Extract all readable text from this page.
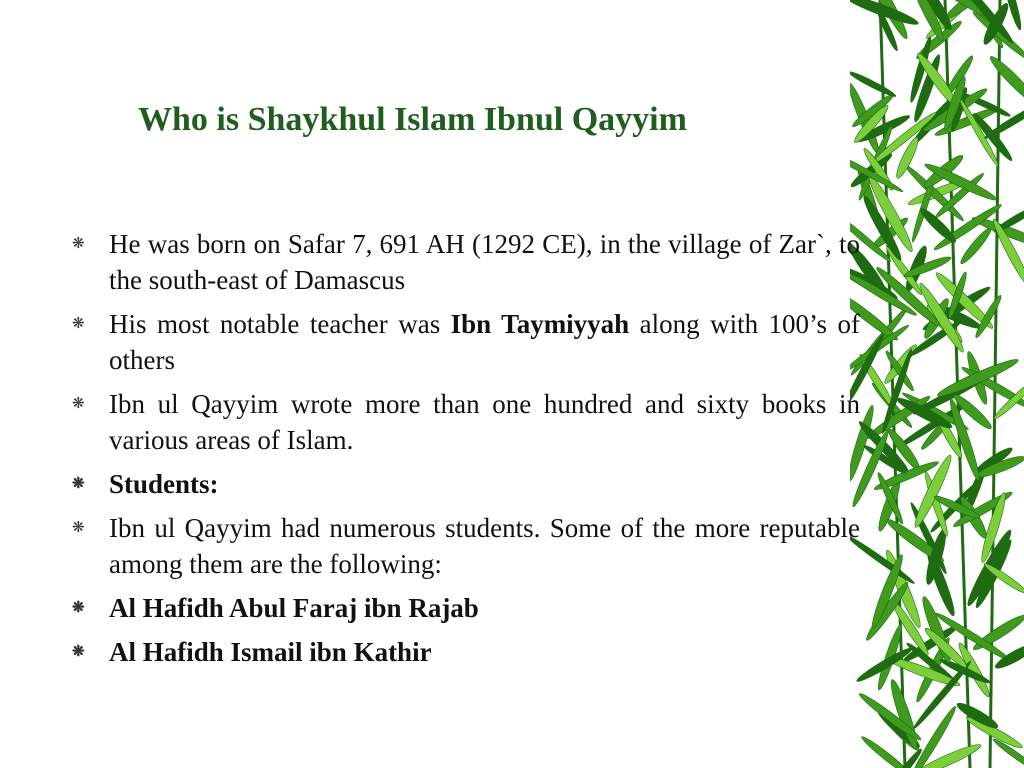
Who is Shaykhul Islam Ibnul Qayyim
❋ He was born on Safar 7, 691 AH (1292 CE), in the village of Zar`, to the south-east of Damascus
❋ His most notable teacher was Ibn Taymiyyah along with 100’s of others
❋ Ibn ul Qayyim wrote more than one hundred and sixty books in various areas of Islam.
❋ Students:
❋ Ibn ul Qayyim had numerous students. Some of the more reputable among them are the following:
❋ Al Hafidh Abul Faraj ibn Rajab
❋ Al Hafidh Ismail ibn Kathir
